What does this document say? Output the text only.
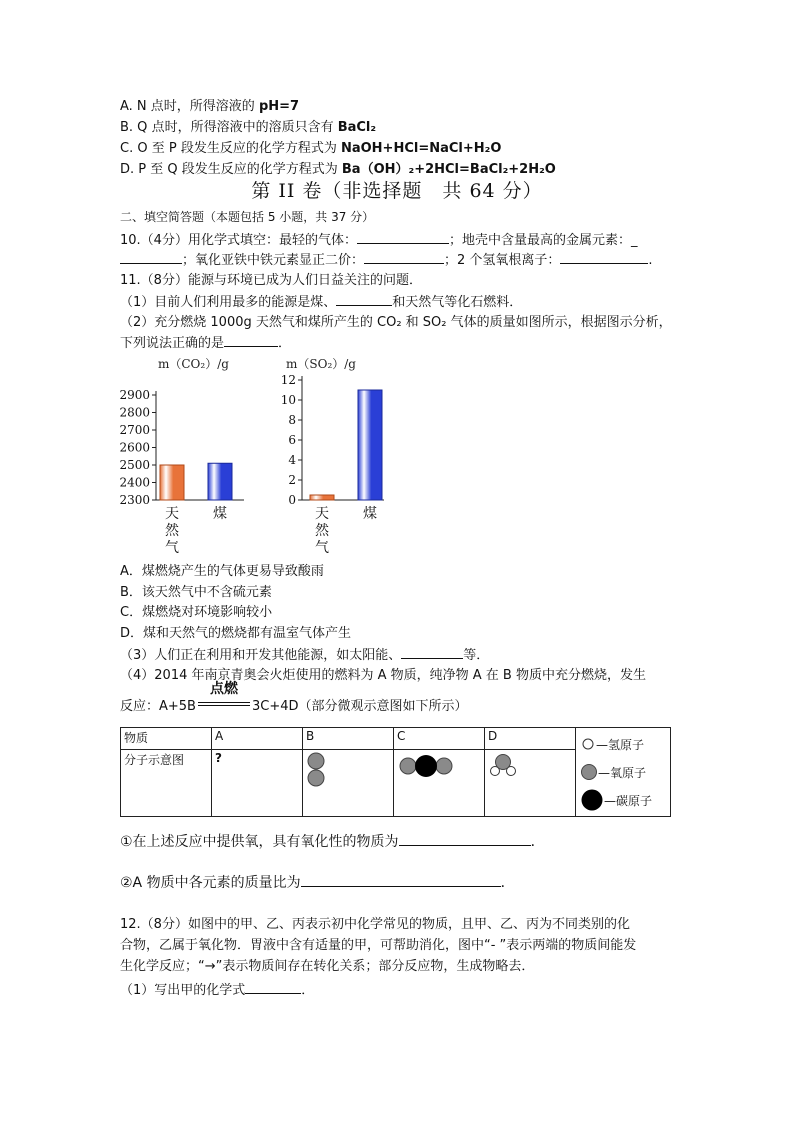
A. N 点时，所得溶液的 pH=7
B. Q 点时，所得溶液中的溶质只含有 BaCl₂
C. O 至 P 段发生反应的化学方程式为 NaOH+HCl=NaCl+H₂O
D. P 至 Q 段发生反应的化学方程式为 Ba（OH）₂+2HCl=BaCl₂+2H₂O
第 II 卷（非选择题　共 64 分）
二、填空简答题（本题包括 5 小题，共 37 分）
10.（4分）用化学式填空：最轻的气体：	；地壳中含量最高的金属元素：_
；氧化亚铁中铁元素显正二价：	；2 个氢氧根离子：	.
11.（8分）能源与环境已成为人们日益关注的问题．
（1）目前人们利用最多的能源是煤、	和天然气等化石燃料．
（2）充分燃烧 1000g 天然气和煤所产生的 CO₂ 和 SO₂ 气体的质量如图所示，根据图示分析，
下列说法正确的是	．
m（CO₂）/g
2300
2400
2500
2600
2700
2800
2900
天
然
气
煤
m（SO₂）/g
0
2
4
6
8
10
12
天
然
气
煤
A．煤燃烧产生的气体更易导致酸雨
B．该天然气中不含硫元素
C．煤燃烧对环境影响较小
D．煤和天然气的燃烧都有温室气体产生
（3）人们正在利用和开发其他能源，如太阳能、	等．
（4）2014 年南京青奥会火炬使用的燃料为 A 物质，纯净物 A 在 B 物质中充分燃烧，发生
反应：A+5B
点燃
3C+4D（部分微观示意图如下所示）
物质	A	B	C	D	—氢原子
—氧原子
—碳原子

分子示意图	?			
①在上述反应中提供氧，具有氧化性的物质为	．
②A 物质中各元素的质量比为	．
12.（8分）如图中的甲、乙、丙表示初中化学常见的物质，且甲、乙、丙为不同类别的化
合物，乙属于氧化物．胃液中含有适量的甲，可帮助消化，图中“- ”表示两端的物质间能发
生化学反应；“→”表示物质间存在转化关系；部分反应物，生成物略去．
（1）写出甲的化学式	．
